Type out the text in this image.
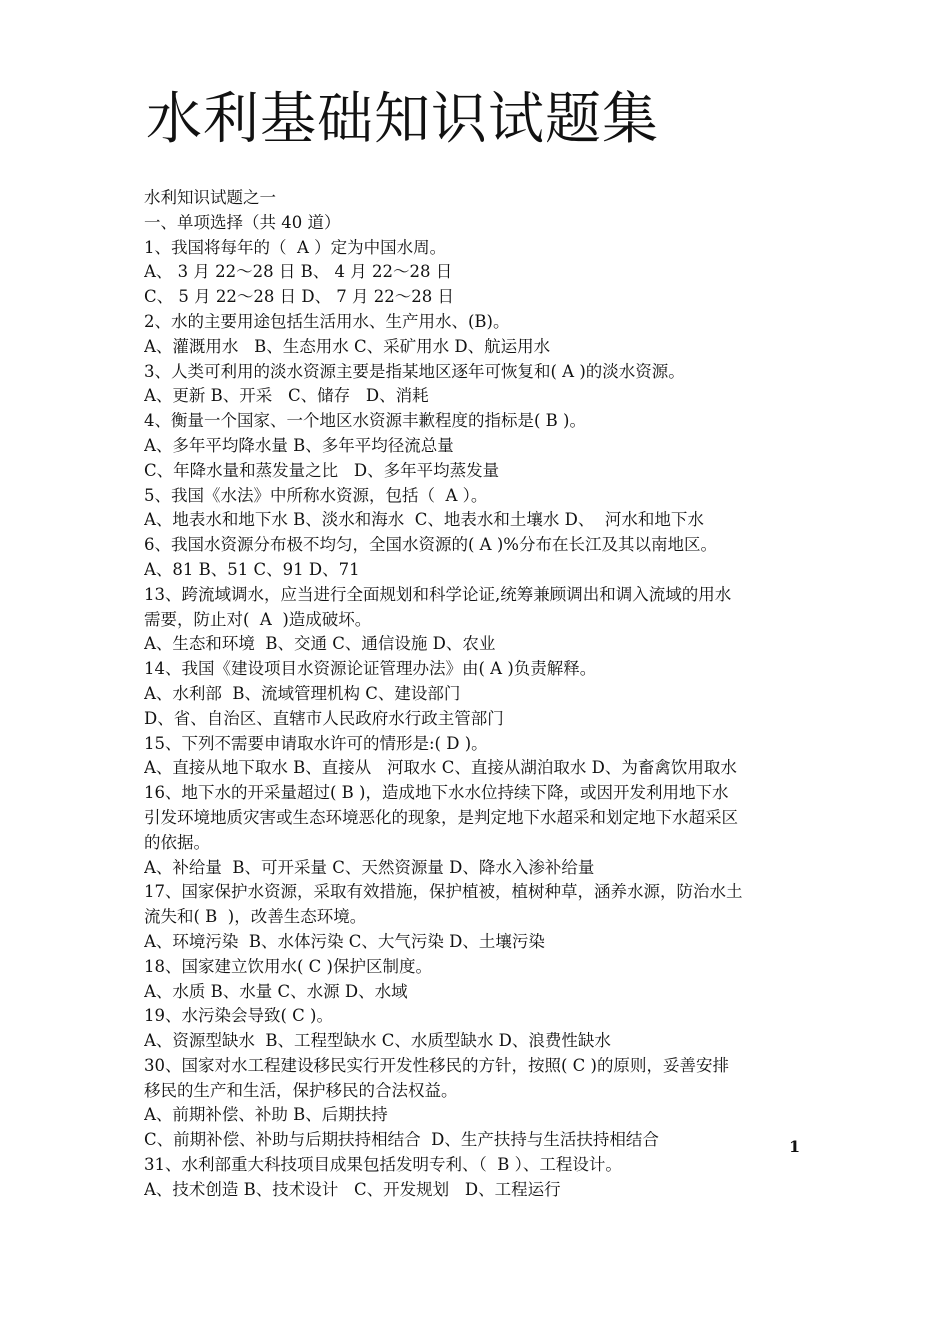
水利基础知识试题集
水利知识试题之一
一、单项选择（共 40 道）
1、我国将每年的（  A ）定为中国水周。
A、 3 月 22～28 日 B、 4 月 22～28 日
C、 5 月 22～28 日 D、 7 月 22～28 日
2、水的主要用途包括生活用水、生产用水、(B)。
A、灌溉用水   B、生态用水 C、采矿用水 D、航运用水
3、人类可利用的淡水资源主要是指某地区逐年可恢复和( A )的淡水资源。
A、更新 B、开采   C、储存   D、消耗
4、衡量一个国家、一个地区水资源丰歉程度的指标是( B )。
A、多年平均降水量 B、多年平均径流总量
C、年降水量和蒸发量之比   D、多年平均蒸发量
5、我国《水法》中所称水资源，包括（  A ）。
A、地表水和地下水 B、淡水和海水  C、地表水和土壤水 D、  河水和地下水
6、我国水资源分布极不均匀，全国水资源的( A )%分布在长江及其以南地区。
A、81 B、51 C、91 D、71
13、跨流域调水，应当进行全面规划和科学论证,统筹兼顾调出和调入流域的用水
需要，防止对(  A  )造成破坏。
A、生态和环境  B、交通 C、通信设施 D、农业
14、我国《建设项目水资源论证管理办法》由( A )负责解释。
A、水利部  B、流域管理机构 C、建设部门
D、省、自治区、直辖市人民政府水行政主管部门
15、下列不需要申请取水许可的情形是:( D )。
A、直接从地下取水 B、直接从   河取水 C、直接从湖泊取水 D、为畜禽饮用取水
16、地下水的开采量超过( B )，造成地下水水位持续下降，或因开发利用地下水
引发环境地质灾害或生态环境恶化的现象，是判定地下水超采和划定地下水超采区
的依据。
A、补给量  B、可开采量 C、天然资源量 D、降水入渗补给量
17、国家保护水资源，采取有效措施，保护植被，植树种草，涵养水源，防治水土
流失和( B  )，改善生态环境。
A、环境污染  B、水体污染 C、大气污染 D、土壤污染
18、国家建立饮用水( C )保护区制度。
A、水质 B、水量 C、水源 D、水域
19、水污染会导致( C )。
A、资源型缺水  B、工程型缺水 C、水质型缺水 D、浪费性缺水
30、国家对水工程建设移民实行开发性移民的方针，按照( C )的原则，妥善安排
移民的生产和生活，保护移民的合法权益。
A、前期补偿、补助 B、后期扶持
C、前期补偿、补助与后期扶持相结合  D、生产扶持与生活扶持相结合
31、水利部重大科技项目成果包括发明专利、（  B ）、工程设计。
A、技术创造 B、技术设计   C、开发规划   D、工程运行
1
